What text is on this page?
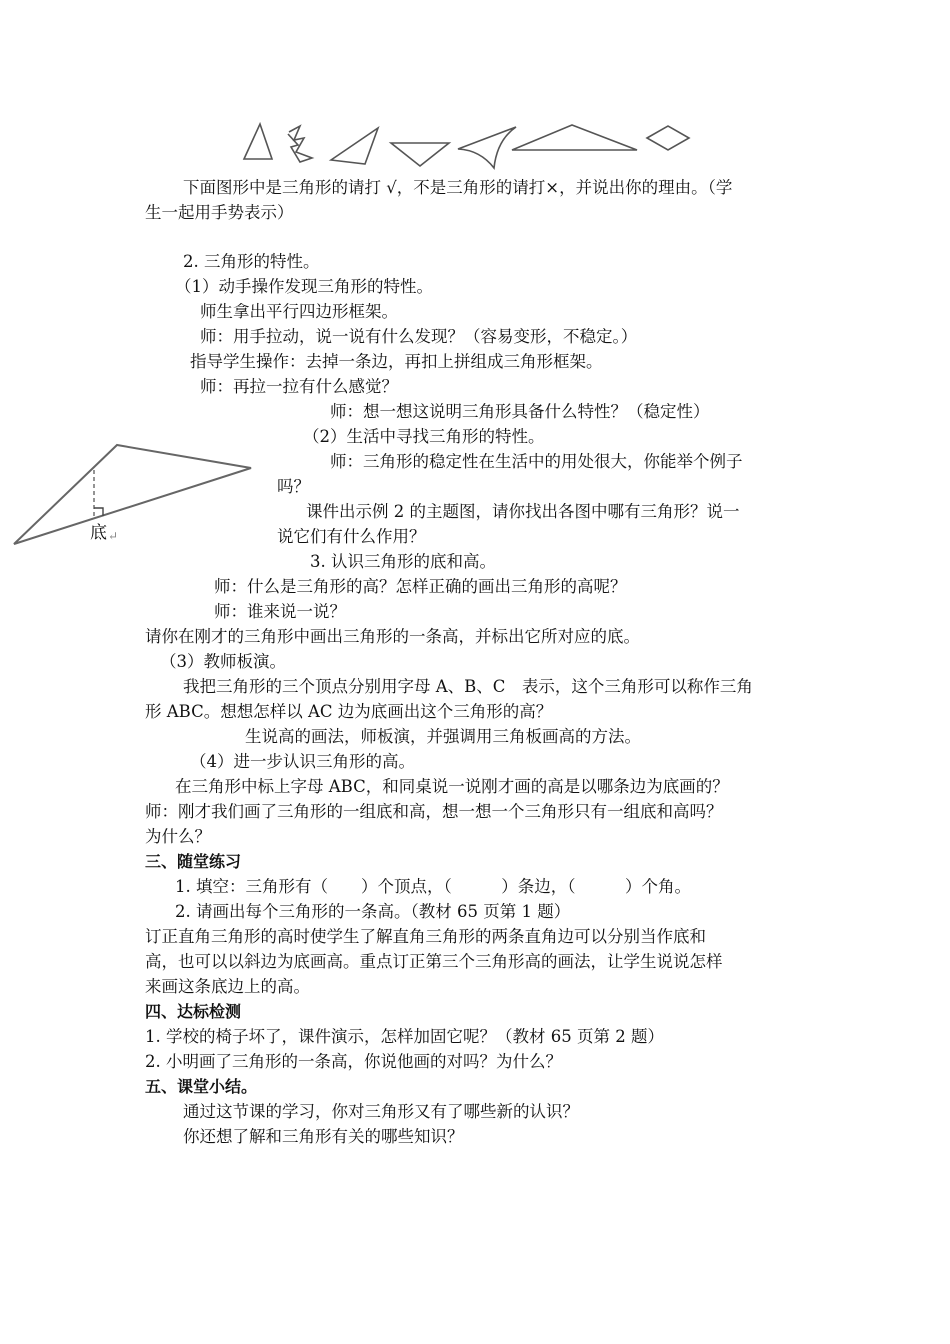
底 ↵
下面图形中是三角形的请打 √，不是三角形的请打×，并说出你的理由。（学
生一起用手势表示）
2. 三角形的特性。
（1）动手操作发现三角形的特性。
师生拿出平行四边形框架。
师：用手拉动，说一说有什么发现？（容易变形，不稳定。）
指导学生操作：去掉一条边，再扣上拼组成三角形框架。
师：再拉一拉有什么感觉？
师：想一想这说明三角形具备什么特性？（稳定性）
（2）生活中寻找三角形的特性。
师：三角形的稳定性在生活中的用处很大，你能举个例子
吗？
课件出示例 2 的主题图，请你找出各图中哪有三角形？说一
说它们有什么作用？
3. 认识三角形的底和高。
师：什么是三角形的高？怎样正确的画出三角形的高呢？
师：谁来说一说？
请你在刚才的三角形中画出三角形的一条高，并标出它所对应的底。
（3）教师板演。
我把三角形的三个顶点分别用字母 A、B、C　表示，这个三角形可以称作三角
形 ABC。想想怎样以 AC 边为底画出这个三角形的高？
生说高的画法，师板演，并强调用三角板画高的方法。
（4）进一步认识三角形的高。
在三角形中标上字母 ABC，和同桌说一说刚才画的高是以哪条边为底画的？
师：刚才我们画了三角形的一组底和高，想一想一个三角形只有一组底和高吗？
为什么？
三、随堂练习
1. 填空：三角形有（　　）个顶点，（　　　）条边，（　　　）个角。
2. 请画出每个三角形的一条高。（教材 65 页第 1 题）
订正直角三角形的高时使学生了解直角三角形的两条直角边可以分别当作底和
高，也可以以斜边为底画高。重点订正第三个三角形高的画法，让学生说说怎样
来画这条底边上的高。
四、达标检测
1. 学校的椅子坏了，课件演示，怎样加固它呢？（教材 65 页第 2 题）
2. 小明画了三角形的一条高，你说他画的对吗？为什么？
五、课堂小结。
通过这节课的学习，你对三角形又有了哪些新的认识？
你还想了解和三角形有关的哪些知识？
